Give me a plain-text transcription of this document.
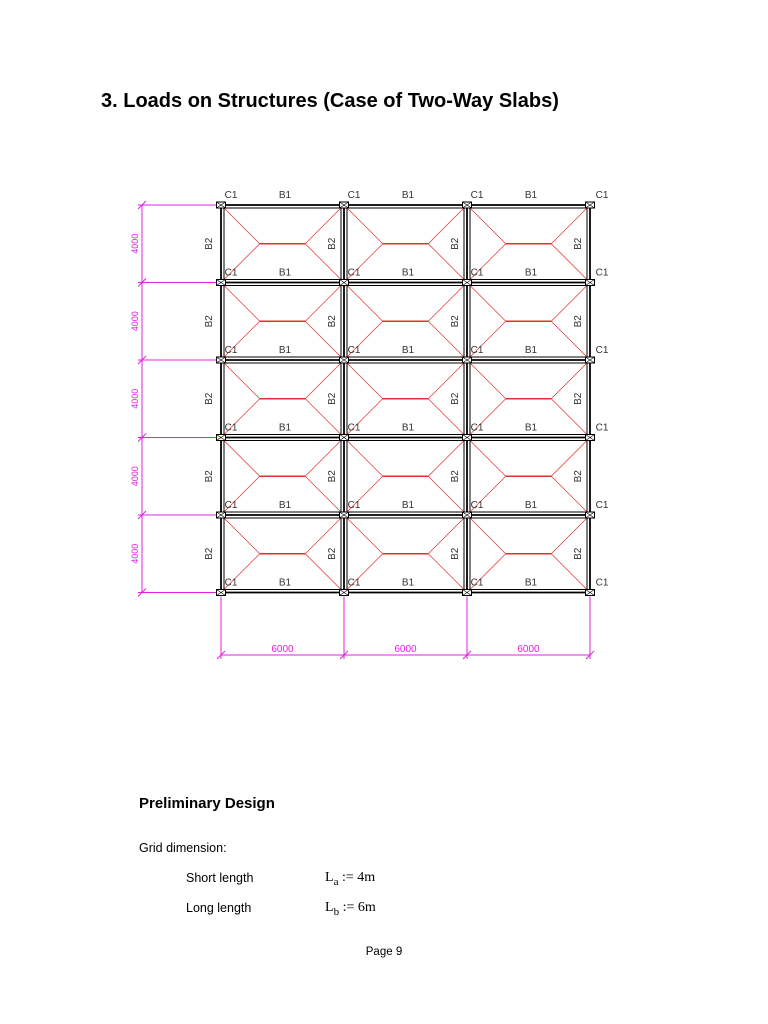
3. Loads on Structures (Case of Two-Way Slabs)
4000
4000
4000
4000
4000
6000	6000	6000
C1	C1	C1	C1
C1	C1	C1	C1
C1	C1	C1	C1
C1	C1	C1	C1
C1	C1	C1	C1
C1	C1	C1	C1
B1	B1	B1
B1	B1	B1
B1	B1	B1
B1	B1	B1
B1	B1	B1
B1	B1	B1
B2	B2	B2	B2
B2	B2	B2	B2
B2	B2	B2	B2
B2	B2	B2	B2
B2	B2	B2	B2
Preliminary Design
Grid dimension:
Short length	$L_a$ := 4m
Long length	$L_b$ := 6m
Page 9
